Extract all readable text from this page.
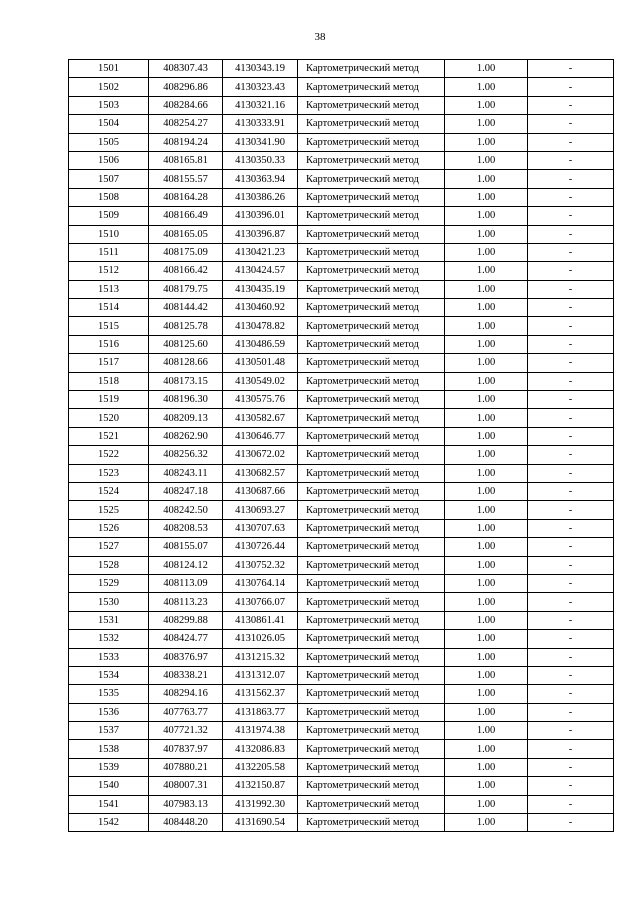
38
1501	408307.43	4130343.19	Картометрический метод	1.00	-
1502	408296.86	4130323.43	Картометрический метод	1.00	-
1503	408284.66	4130321.16	Картометрический метод	1.00	-
1504	408254.27	4130333.91	Картометрический метод	1.00	-
1505	408194.24	4130341.90	Картометрический метод	1.00	-
1506	408165.81	4130350.33	Картометрический метод	1.00	-
1507	408155.57	4130363.94	Картометрический метод	1.00	-
1508	408164.28	4130386.26	Картометрический метод	1.00	-
1509	408166.49	4130396.01	Картометрический метод	1.00	-
1510	408165.05	4130396.87	Картометрический метод	1.00	-
1511	408175.09	4130421.23	Картометрический метод	1.00	-
1512	408166.42	4130424.57	Картометрический метод	1.00	-
1513	408179.75	4130435.19	Картометрический метод	1.00	-
1514	408144.42	4130460.92	Картометрический метод	1.00	-
1515	408125.78	4130478.82	Картометрический метод	1.00	-
1516	408125.60	4130486.59	Картометрический метод	1.00	-
1517	408128.66	4130501.48	Картометрический метод	1.00	-
1518	408173.15	4130549.02	Картометрический метод	1.00	-
1519	408196.30	4130575.76	Картометрический метод	1.00	-
1520	408209.13	4130582.67	Картометрический метод	1.00	-
1521	408262.90	4130646.77	Картометрический метод	1.00	-
1522	408256.32	4130672.02	Картометрический метод	1.00	-
1523	408243.11	4130682.57	Картометрический метод	1.00	-
1524	408247.18	4130687.66	Картометрический метод	1.00	-
1525	408242.50	4130693.27	Картометрический метод	1.00	-
1526	408208.53	4130707.63	Картометрический метод	1.00	-
1527	408155.07	4130726.44	Картометрический метод	1.00	-
1528	408124.12	4130752.32	Картометрический метод	1.00	-
1529	408113.09	4130764.14	Картометрический метод	1.00	-
1530	408113.23	4130766.07	Картометрический метод	1.00	-
1531	408299.88	4130861.41	Картометрический метод	1.00	-
1532	408424.77	4131026.05	Картометрический метод	1.00	-
1533	408376.97	4131215.32	Картометрический метод	1.00	-
1534	408338.21	4131312.07	Картометрический метод	1.00	-
1535	408294.16	4131562.37	Картометрический метод	1.00	-
1536	407763.77	4131863.77	Картометрический метод	1.00	-
1537	407721.32	4131974.38	Картометрический метод	1.00	-
1538	407837.97	4132086.83	Картометрический метод	1.00	-
1539	407880.21	4132205.58	Картометрический метод	1.00	-
1540	408007.31	4132150.87	Картометрический метод	1.00	-
1541	407983.13	4131992.30	Картометрический метод	1.00	-
1542	408448.20	4131690.54	Картометрический метод	1.00	-
